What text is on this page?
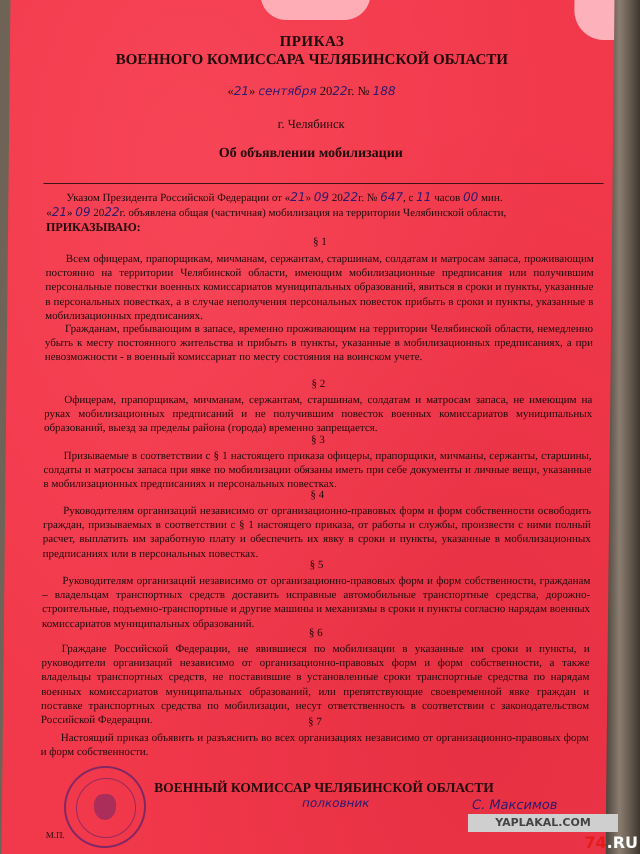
ПРИКАЗ
ВОЕННОГО КОМИССАРА ЧЕЛЯБИНСКОЙ ОБЛАСТИ
«21» сентября 2022г. № 188
г. Челябинск
Об объявлении мобилизации
Указом Президента Российской Федерации от «21» 09 2022г. № 647, с 11 часов 00 мин.
«21» 09 2022г. объявлена общая (частичная) мобилизация на территории Челябинской области,
ПРИКАЗЫВАЮ:
§ 1
Всем офицерам, прапорщикам, мичманам, сержантам, старшинам, солдатам и матросам запаса, проживающим постоянно на территории Челябинской области, имеющим мобилизационные предписания или получившим персональные повестки военных комиссариатов муниципальных образований, явиться в сроки и пункты, указанные в персональных повестках, а в случае неполучения персональных повесток прибыть в сроки и пункты, указанные в мобилизационных предписаниях.
Гражданам, пребывающим в запасе, временно проживающим на территории Челябинской области, немедленно убыть к месту постоянного жительства и прибыть в пункты, указанные в мобилизационных предписаниях, а при невозможности - в военный комиссариат по месту состояния на воинском учете.
§ 2
Офицерам, прапорщикам, мичманам, сержантам, старшинам, солдатам и матросам запаса, не имеющим на руках мобилизационных предписаний и не получившим повесток военных комиссариатов муниципальных образований, выезд за пределы района (города) временно запрещается.
§ 3
Призываемые в соответствии с § 1 настоящего приказа офицеры, прапорщики, мичманы, сержанты, старшины, солдаты и матросы запаса при явке по мобилизации обязаны иметь при себе документы и личные вещи, указанные в мобилизационных предписаниях и персональных повестках.
§ 4
Руководителям организаций независимо от организационно-правовых форм и форм собственности освободить граждан, призываемых в соответствии с § 1 настоящего приказа, от работы и службы, произвести с ними полный расчет, выплатить им заработную плату и обеспечить их явку в сроки и пункты, указанные в мобилизационных предписаниях или в персональных повестках.
§ 5
Руководителям организаций независимо от организационно-правовых форм и форм собственности, гражданам – владельцам транспортных средств доставить исправные автомобильные транспортные средства, дорожно-строительные, подъемно-транспортные и другие машины и механизмы в сроки и пункты согласно нарядам военных комиссариатов муниципальных образований.
§ 6
Граждане Российской Федерации, не явившиеся по мобилизации в указанные им сроки и пункты, и руководители организаций независимо от организационно-правовых форм и форм собственности, а также владельцы транспортных средств, не поставившие в установленные сроки транспортные средства по нарядам военных комиссариатов муниципальных образований, или препятствующие своевременной явке граждан и поставке транспортных средства по мобилизации, несут ответственность в соответствии с законодательством Российской Федерации.	§ 7
Настоящий приказ объявить и разъяснить во всех организациях независимо от организационно-правовых форм и форм собственности.
ВОЕННЫЙ КОМИССАР ЧЕЛЯБИНСКОЙ ОБЛАСТИ
полковник	С. Максимов
М.П.
YAPLAKAL.COM
74.RU
